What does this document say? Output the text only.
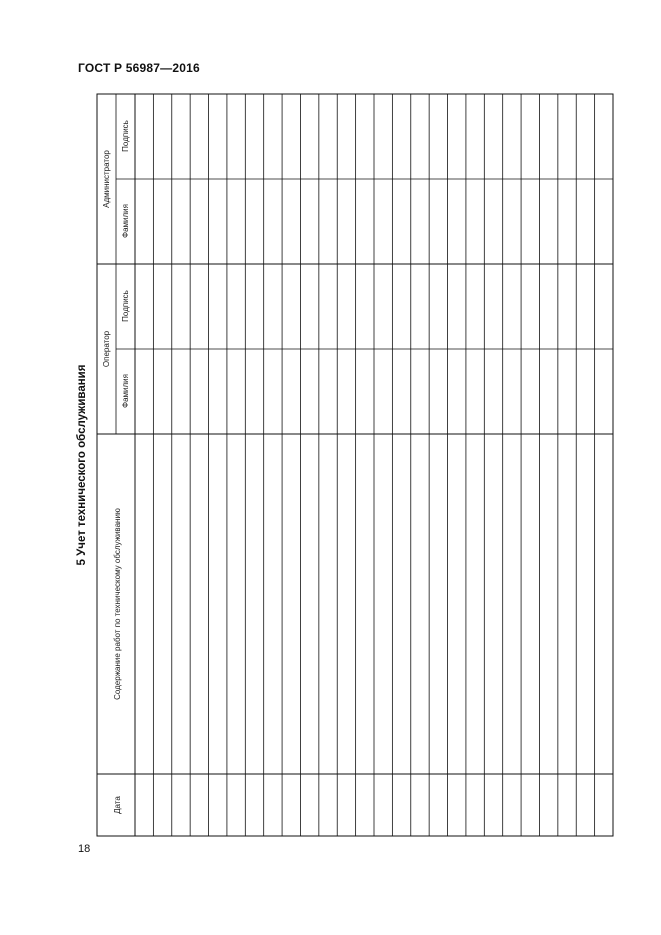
ГОСТ Р 56987—2016
5 Учет технического обслуживания
Администратор
Оператор
Подпись
Фамилия
Подпись
Фамилия
Содержание работ по техническому обслуживанию
Дата
18
